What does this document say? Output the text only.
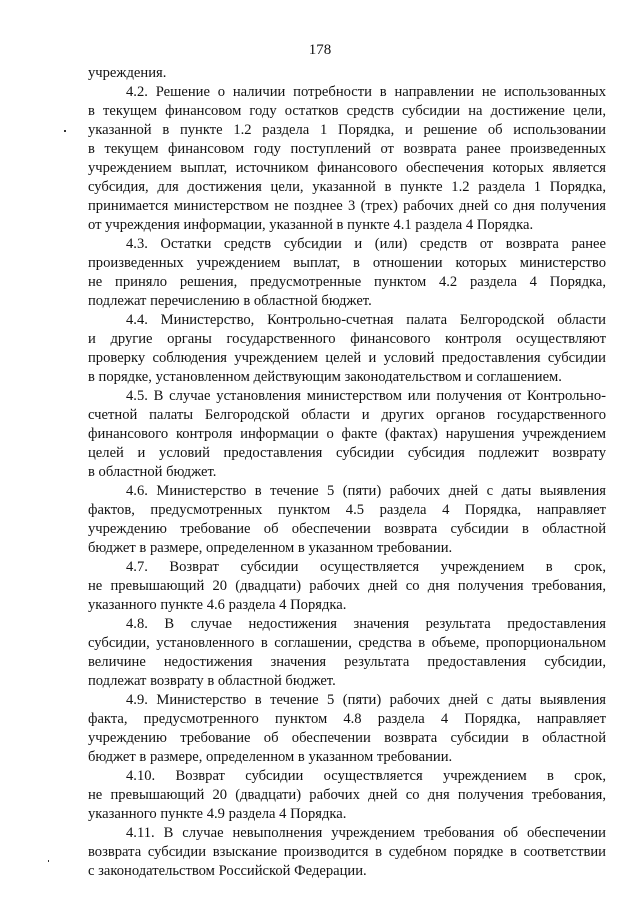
178
учреждения.
4.2. Решение о наличии потребности в направлении не использованных
в текущем финансовом году остатков средств субсидии на достижение цели,
указанной в пункте 1.2 раздела 1 Порядка, и решение об использовании
в текущем финансовом году поступлений от возврата ранее произведенных
учреждением выплат, источником финансового обеспечения которых является
субсидия, для достижения цели, указанной в пункте 1.2 раздела 1 Порядка,
принимается министерством не позднее 3 (трех) рабочих дней со дня получения
от учреждения информации, указанной в пункте 4.1 раздела 4 Порядка.
4.3. Остатки средств субсидии и (или) средств от возврата ранее
произведенных учреждением выплат, в отношении которых министерство
не приняло решения, предусмотренные пунктом 4.2 раздела 4 Порядка,
подлежат перечислению в областной бюджет.
4.4. Министерство, Контрольно-счетная палата Белгородской области
и другие органы государственного финансового контроля осуществляют
проверку соблюдения учреждением целей и условий предоставления субсидии
в порядке, установленном действующим законодательством и соглашением.
4.5. В случае установления министерством или получения от Контрольно-
счетной палаты Белгородской области и других органов государственного
финансового контроля информации о факте (фактах) нарушения учреждением
целей и условий предоставления субсидии субсидия подлежит возврату
в областной бюджет.
4.6. Министерство в течение 5 (пяти) рабочих дней с даты выявления
фактов, предусмотренных пунктом 4.5 раздела 4 Порядка, направляет
учреждению требование об обеспечении возврата субсидии в областной
бюджет в размере, определенном в указанном требовании.
4.7. Возврат субсидии осуществляется учреждением в срок,
не превышающий 20 (двадцати) рабочих дней со дня получения требования,
указанного пункте 4.6 раздела 4 Порядка.
4.8. В случае недостижения значения результата предоставления
субсидии, установленного в соглашении, средства в объеме, пропорциональном
величине недостижения значения результата предоставления субсидии,
подлежат возврату в областной бюджет.
4.9. Министерство в течение 5 (пяти) рабочих дней с даты выявления
факта, предусмотренного пунктом 4.8 раздела 4 Порядка, направляет
учреждению требование об обеспечении возврата субсидии в областной
бюджет в размере, определенном в указанном требовании.
4.10. Возврат субсидии осуществляется учреждением в срок,
не превышающий 20 (двадцати) рабочих дней со дня получения требования,
указанного пункте 4.9 раздела 4 Порядка.
4.11. В случае невыполнения учреждением требования об обеспечении
возврата субсидии взыскание производится в судебном порядке в соответствии
с законодательством Российской Федерации.
